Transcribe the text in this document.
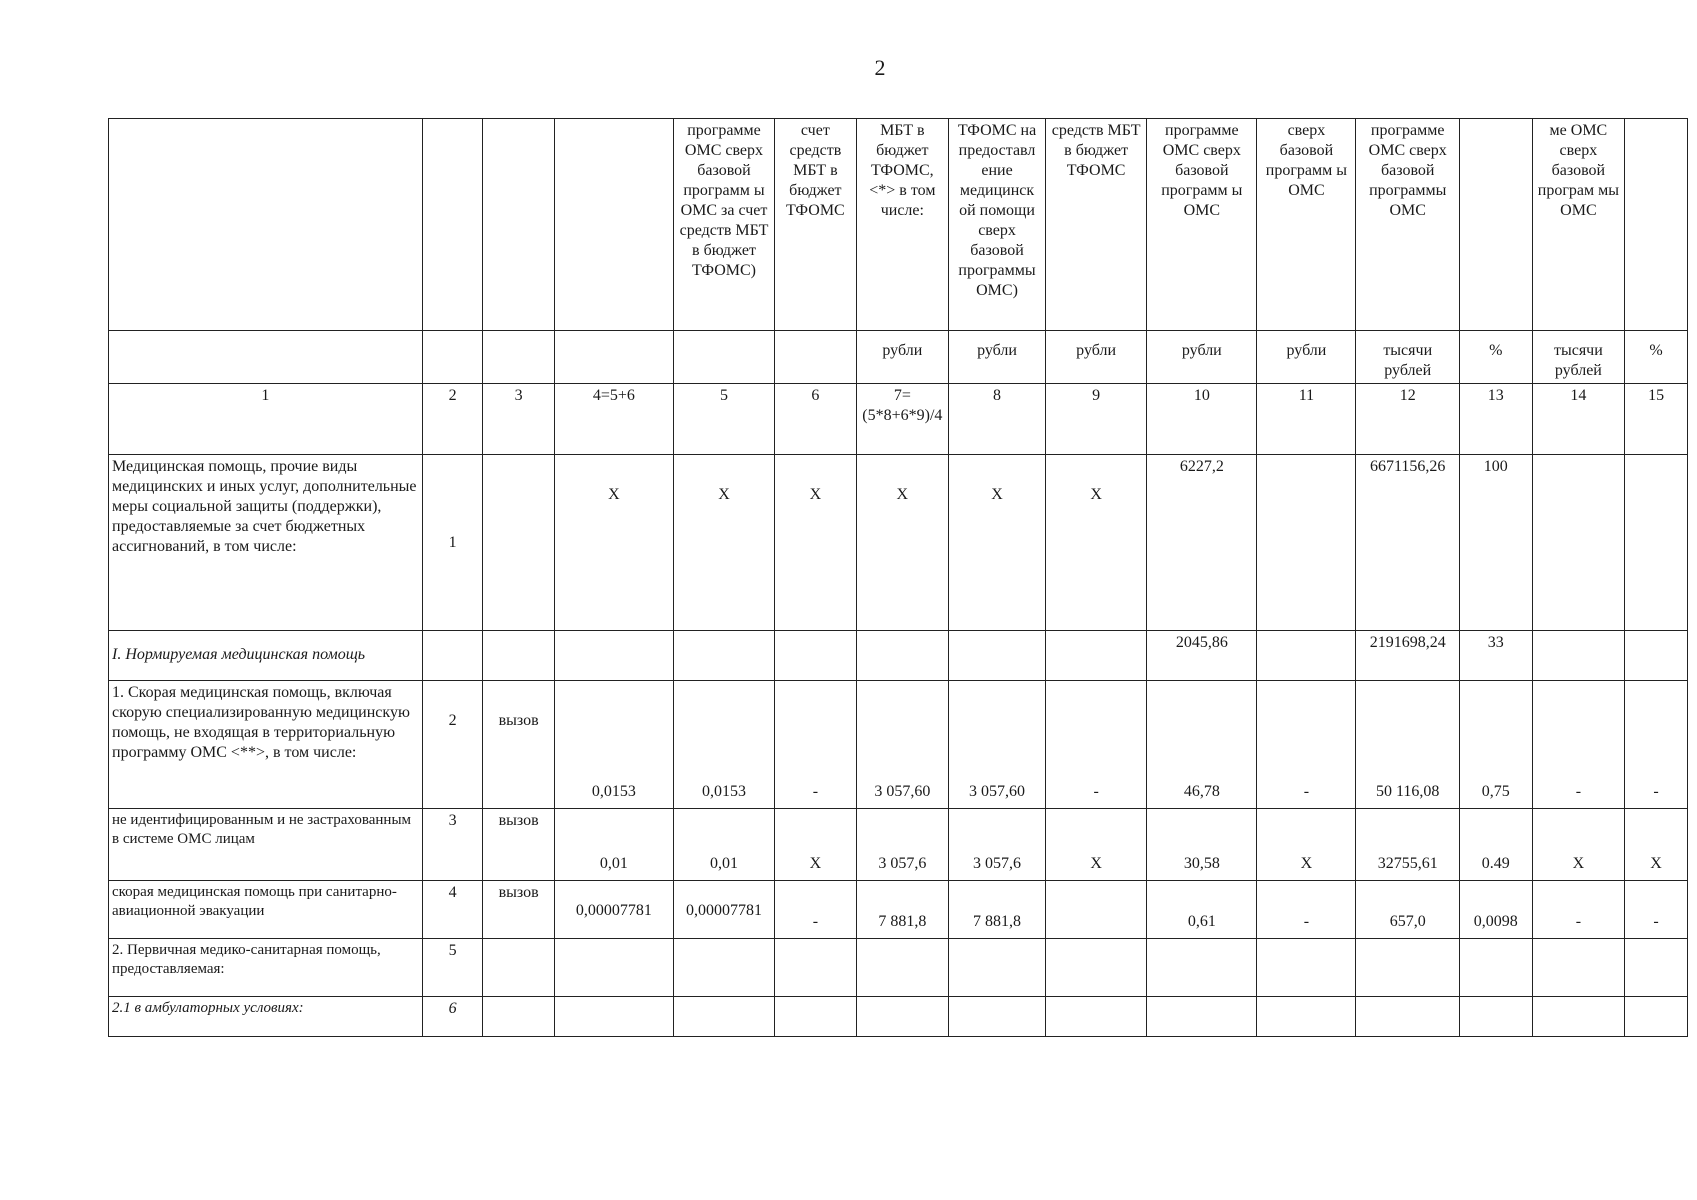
2
				программе ОМС сверх базовой программ ы ОМС за счет средств МБТ в бюджет ТФОМС)	счет средств МБТ в бюджет ТФОМС	МБТ в бюджет ТФОМС, <*> в том числе:	ТФОМС на предоставл ение медицинск ой помощи сверх базовой программы ОМС)	средств МБТ в бюджет ТФОМС	программе ОМС сверх базовой программ ы ОМС	сверх базовой программ ы ОМС	программе ОМС сверх базовой программы ОМС		ме ОМС сверх базовой програм мы ОМС	
						рубли	рубли	рубли	рубли	рубли	тысячи рублей	%	тысячи рублей	%
1	2	3	4=5+6	5	6	7=(5*8+6*9)/4	8	9	10	11	12	13	14	15
Медицинская помощь, прочие виды медицинских и иных услуг, дополнительные меры социальной защиты (поддержки), предоставляемые за счет бюджетных ассигнований, в том числе:	1		Х	Х	Х	Х	Х	Х	6227,2		6671156,26	100		
I. Нормируемая медицинская помощь									2045,86		2191698,24	33		
1. Скорая медицинская помощь, включая скорую специализированную медицинскую помощь, не входящая в территориальную программу ОМС <**>, в том числе:	2	вызов	0,0153	0,0153	-	3 057,60	3 057,60	-	46,78	-	50 116,08	0,75	-	-
не идентифицированным и не застрахованным в системе ОМС лицам	3	вызов	0,01	0,01	Х	3 057,6	3 057,6	Х	30,58	Х	32755,61	0.49	Х	Х
скорая медицинская помощь при санитарно-авиационной эвакуации	4	вызов	0,00007781	0,00007781	-	7 881,8	7 881,8		0,61	-	657,0	0,0098	-	-
2. Первичная медико-санитарная помощь, предоставляемая:	5													
2.1 в амбулаторных условиях:	6													
